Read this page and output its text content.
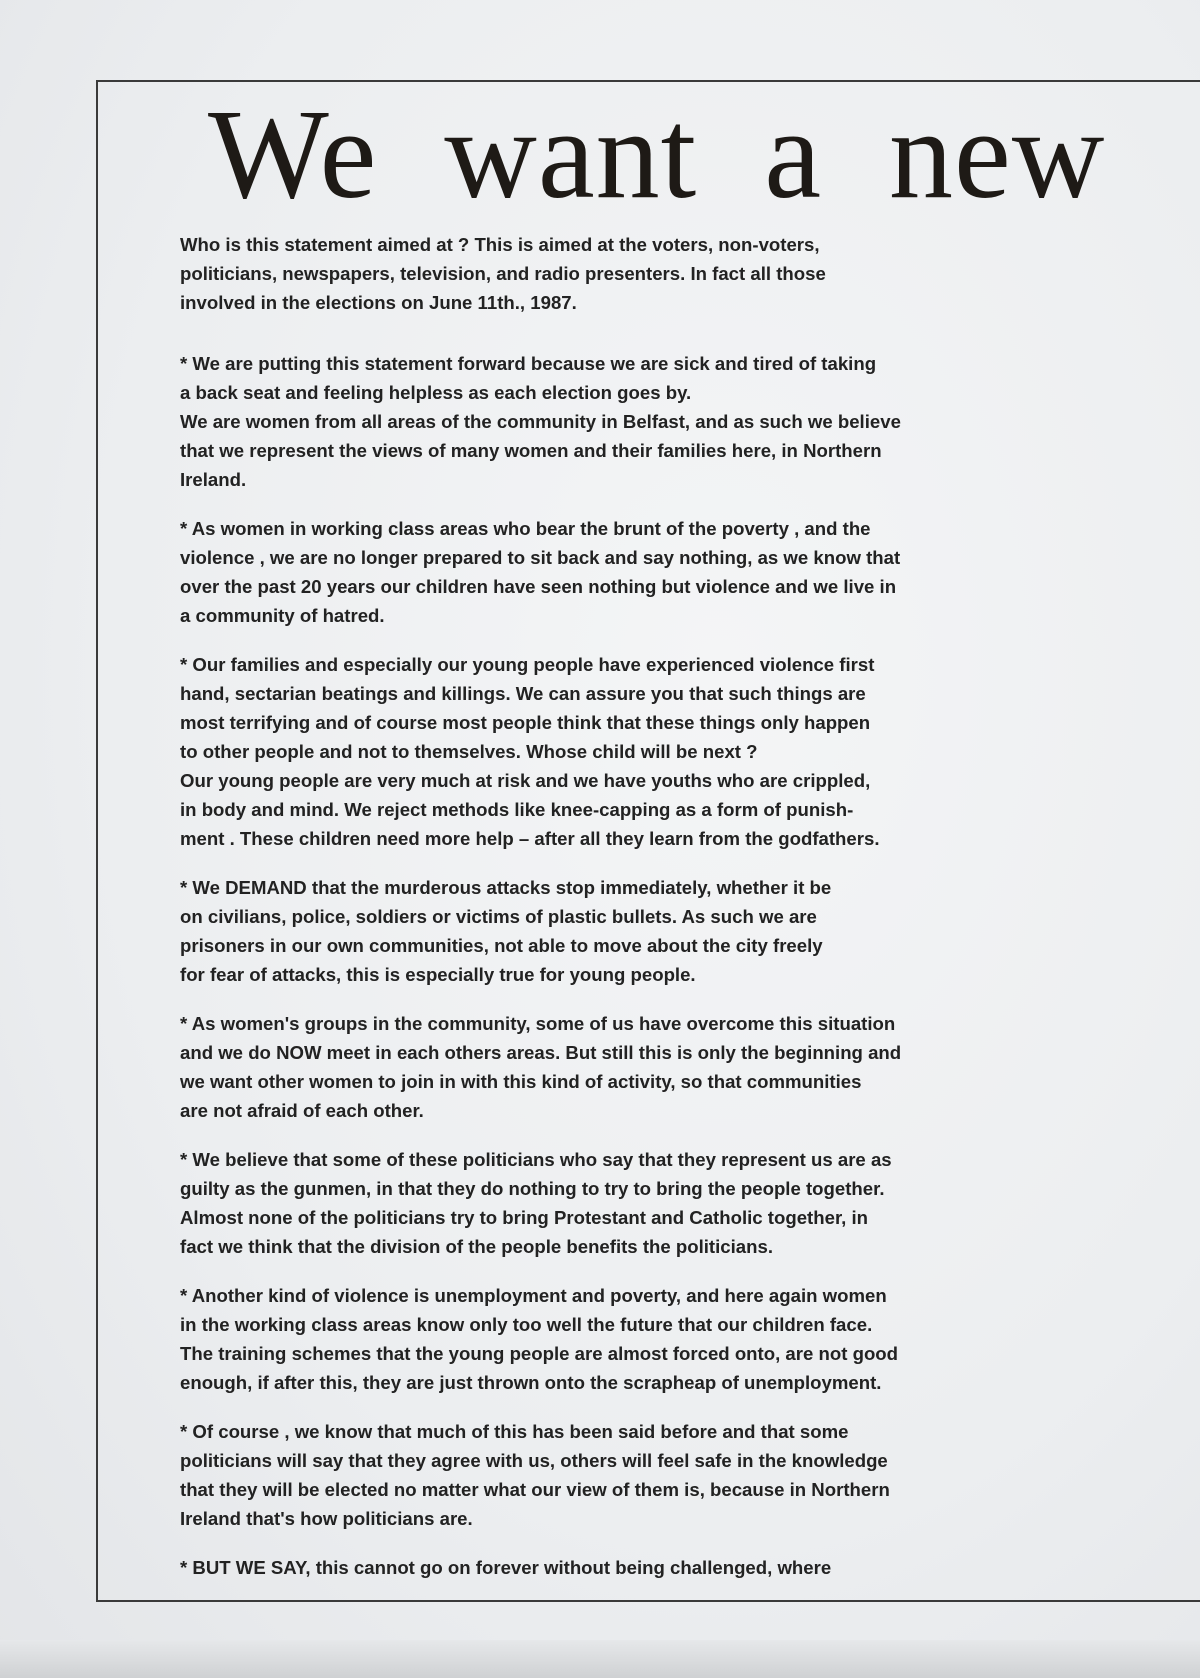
We want a new

Who is this statement aimed at ? This is aimed at the voters, non-voters,
politicians, newspapers, television, and radio presenters. In fact all those
involved in the elections on June 11th., 1987.

* We are putting this statement forward because we are sick and tired of taking
a back seat and feeling helpless as each election goes by.
We are women from all areas of the community in Belfast, and as such we believe
that we represent the views of many women and their families here, in Northern
Ireland.

* As women in working class areas who bear the brunt of the poverty , and the
violence , we are no longer prepared to sit back and say nothing, as we know that
over the past 20 years our children have seen nothing but violence and we live in
a community of hatred.

* Our families and especially our young people have experienced violence first
hand, sectarian beatings and killings. We can assure you that such things are
most terrifying and of course most people think that these things only happen
to other people and not to themselves. Whose child will be next ?
Our young people are very much at risk and we have youths who are crippled,
in body and mind. We reject methods like knee-capping as a form of punish-
ment . These children need more help – after all they learn from the godfathers.

* We DEMAND that the murderous attacks stop immediately, whether it be
on civilians, police, soldiers or victims of plastic bullets. As such we are
prisoners in our own communities, not able to move about the city freely
for fear of attacks, this is especially true for young people.

* As women's groups in the community, some of us have overcome this situation
and we do NOW meet in each others areas. But still this is only the beginning and
we want other women to join in with this kind of activity, so that communities
are not afraid of each other.

* We believe that some of these politicians who say that they represent us are as
guilty as the gunmen, in that they do nothing to try to bring the people together.
Almost none of the politicians try to bring Protestant and Catholic together, in
fact we think that the division of the people benefits the politicians.

* Another kind of violence is unemployment and poverty, and here again women
in the working class areas know only too well the future that our children face.
The training schemes that the young people are almost forced onto, are not good
enough, if after this, they are just thrown onto the scrapheap of unemployment.

* Of course , we know that much of this has been said before and that some
politicians will say that they agree with us, others will feel safe in the knowledge
that they will be elected no matter what our view of them is, because in Northern
Ireland that's how politicians are.

* BUT WE SAY, this cannot go on forever without being challenged, where
